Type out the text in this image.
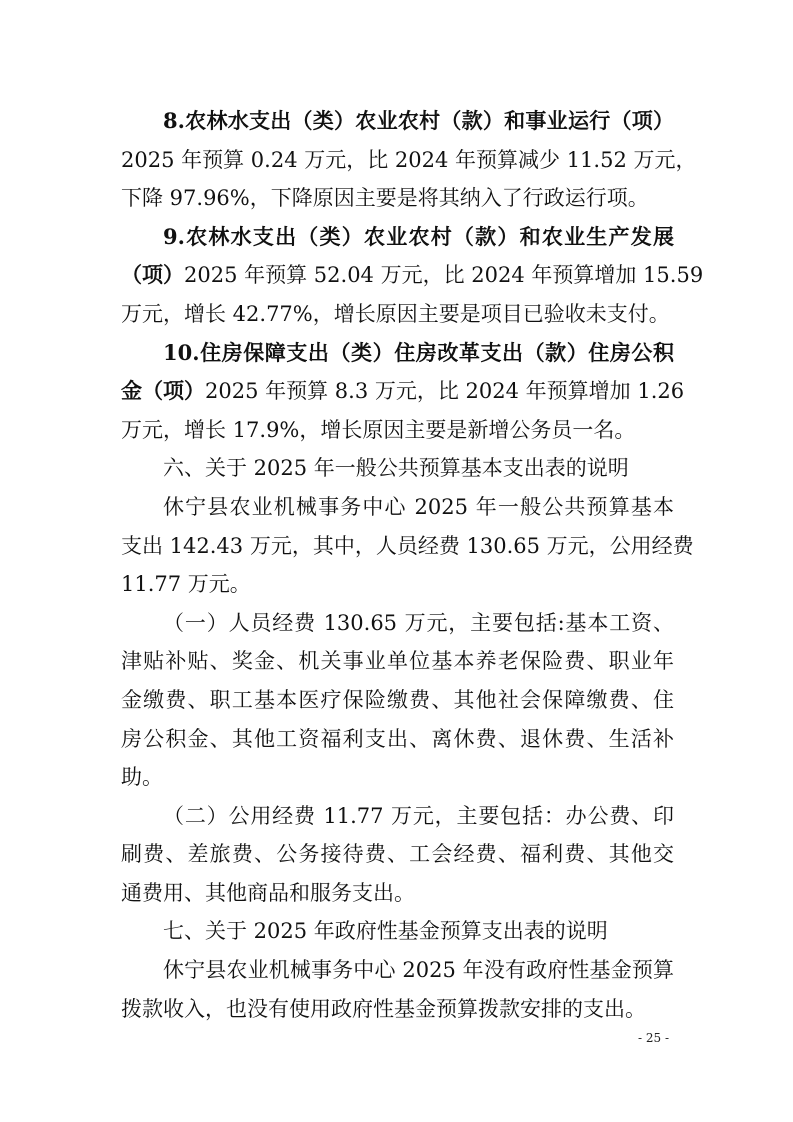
8.农林水支出（类）农业农村（款）和事业运行（项）
2025 年预算 0.24 万元，比 2024 年预算减少 11.52 万元，
下降 97.96%，下降原因主要是将其纳入了行政运行项。
9.农林水支出（类）农业农村（款）和农业生产发展
（项）2025 年预算 52.04 万元，比 2024 年预算增加 15.59
万元，增长 42.77%，增长原因主要是项目已验收未支付。
10.住房保障支出（类）住房改革支出（款）住房公积
金（项）2025 年预算 8.3 万元，比 2024 年预算增加 1.26
万元，增长 17.9%，增长原因主要是新增公务员一名。
六、关于 2025 年一般公共预算基本支出表的说明
休宁县农业机械事务中心 2025 年一般公共预算基本
支出 142.43 万元，其中，人员经费 130.65 万元，公用经费
11.77 万元。
（一）人员经费 130.65 万元，主要包括:基本工资、
津贴补贴、奖金、机关事业单位基本养老保险费、职业年
金缴费、职工基本医疗保险缴费、其他社会保障缴费、住
房公积金、其他工资福利支出、离休费、退休费、生活补
助。
（二）公用经费 11.77 万元，主要包括：办公费、印
刷费、差旅费、公务接待费、工会经费、福利费、其他交
通费用、其他商品和服务支出。
七、关于 2025 年政府性基金预算支出表的说明
休宁县农业机械事务中心 2025 年没有政府性基金预算
拨款收入，也没有使用政府性基金预算拨款安排的支出。
- 25 -
